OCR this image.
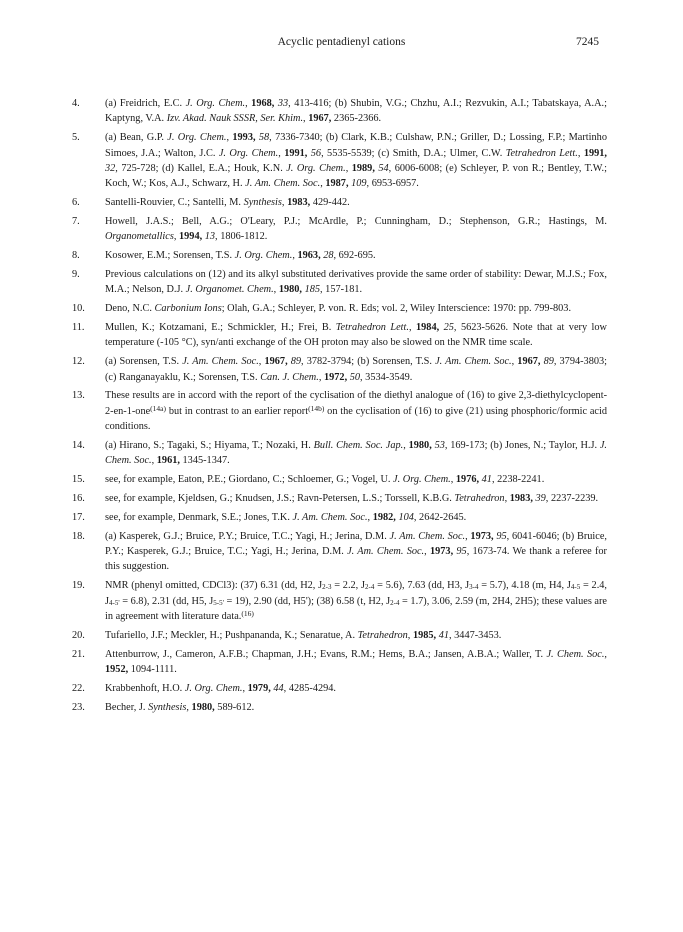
Acyclic pentadienyl cations	7245
4. (a) Freidrich, E.C. J. Org. Chem., 1968, 33, 413-416; (b) Shubin, V.G.; Chzhu, A.I.; Rezvukin, A.I.; Tabatskaya, A.A.; Kaptyng, V.A. Izv. Akad. Nauk SSSR, Ser. Khim., 1967, 2365-2366.
5. (a) Bean, G.P. J. Org. Chem., 1993, 58, 7336-7340; (b) Clark, K.B.; Culshaw, P.N.; Griller, D.; Lossing, F.P.; Martinho Simoes, J.A.; Walton, J.C. J. Org. Chem., 1991, 56, 5535-5539; (c) Smith, D.A.; Ulmer, C.W. Tetrahedron Lett., 1991, 32, 725-728; (d) Kallel, E.A.; Houk, K.N. J. Org. Chem., 1989, 54, 6006-6008; (e) Schleyer, P. von R.; Bentley, T.W.; Koch, W.; Kos, A.J., Schwarz, H. J. Am. Chem. Soc., 1987, 109, 6953-6957.
6. Santelli-Rouvier, C.; Santelli, M. Synthesis, 1983, 429-442.
7. Howell, J.A.S.; Bell, A.G.; O'Leary, P.J.; McArdle, P.; Cunningham, D.; Stephenson, G.R.; Hastings, M. Organometallics, 1994, 13, 1806-1812.
8. Kosower, E.M.; Sorensen, T.S. J. Org. Chem., 1963, 28, 692-695.
9. Previous calculations on (12) and its alkyl substituted derivatives provide the same order of stability: Dewar, M.J.S.; Fox, M.A.; Nelson, D.J. J. Organomet. Chem., 1980, 185, 157-181.
10. Deno, N.C. Carbonium Ions; Olah, G.A.; Schleyer, P. von. R. Eds; vol. 2, Wiley Interscience: 1970: pp. 799-803.
11. Mullen, K.; Kotzamani, E.; Schmickler, H.; Frei, B. Tetrahedron Lett., 1984, 25, 5623-5626. Note that at very low temperature (-105 °C), syn/anti exchange of the OH proton may also be slowed on the NMR time scale.
12. (a) Sorensen, T.S. J. Am. Chem. Soc., 1967, 89, 3782-3794; (b) Sorensen, T.S. J. Am. Chem. Soc., 1967, 89, 3794-3803; (c) Ranganayaklu, K.; Sorensen, T.S. Can. J. Chem., 1972, 50, 3534-3549.
13. These results are in accord with the report of the cyclisation of the diethyl analogue of (16) to give 2,3-diethylcyclopent-2-en-1-one$^{(14a)}$ but in contrast to an earlier report$^{(14b)}$ on the cyclisation of (16) to give (21) using phosphoric/formic acid conditions.
14. (a) Hirano, S.; Tagaki, S.; Hiyama, T.; Nozaki, H. Bull. Chem. Soc. Jap., 1980, 53, 169-173; (b) Jones, N.; Taylor, H.J. J. Chem. Soc., 1961, 1345-1347.
15. see, for example, Eaton, P.E.; Giordano, C.; Schloemer, G.; Vogel, U. J. Org. Chem., 1976, 41, 2238-2241.
16. see, for example, Kjeldsen, G.; Knudsen, J.S.; Ravn-Petersen, L.S.; Torssell, K.B.G. Tetrahedron, 1983, 39, 2237-2239.
17. see, for example, Denmark, S.E.; Jones, T.K. J. Am. Chem. Soc., 1982, 104, 2642-2645.
18. (a) Kasperek, G.J.; Bruice, P.Y.; Bruice, T.C.; Yagi, H.; Jerina, D.M. J. Am. Chem. Soc., 1973, 95, 6041-6046; (b) Bruice, P.Y.; Kasperek, G.J.; Bruice, T.C.; Yagi, H.; Jerina, D.M. J. Am. Chem. Soc., 1973, 95, 1673-74. We thank a referee for this suggestion.
19. NMR (phenyl omitted, CDCl3): (37) 6.31 (dd, H2, $J_{2-3} = 2.2$, $J_{2-4} = 5.6$), 7.63 (dd, H3, $J_{3-4} = 5.7$), 4.18 (m, H4, $J_{4-5} = 2.4$, $J_{4-5'} = 6.8$), 2.31 (dd, H5, $J_{5-5'} = 19$), 2.90 (dd, H5'); (38) 6.58 (t, H2, $J_{2-4} = 1.7$), 3.06, 2.59 (m, 2H4, 2H5); these values are in agreement with literature data.$^{(16)}$
20. Tufariello, J.F.; Meckler, H.; Pushpananda, K.; Senaratue, A. Tetrahedron, 1985, 41, 3447-3453.
21. Attenburrow, J., Cameron, A.F.B.; Chapman, J.H.; Evans, R.M.; Hems, B.A.; Jansen, A.B.A.; Waller, T. J. Chem. Soc., 1952, 1094-1111.
22. Krabbenhoft, H.O. J. Org. Chem., 1979, 44, 4285-4294.
23. Becher, J. Synthesis, 1980, 589-612.
